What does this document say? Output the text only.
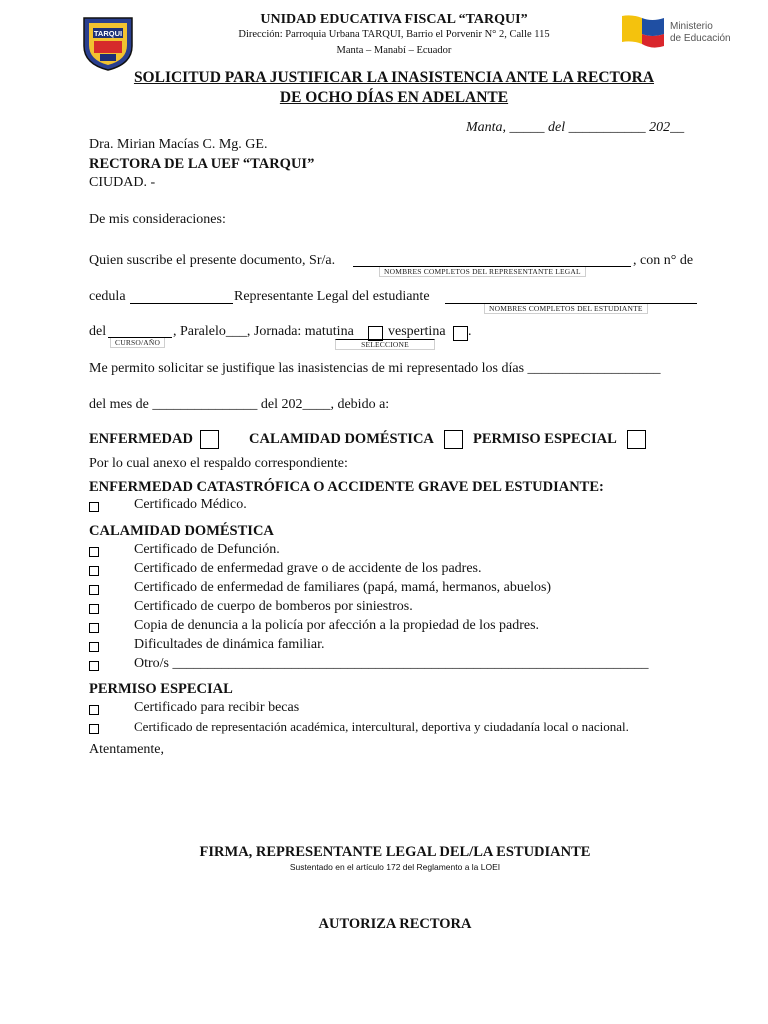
TARQUI
UNIDAD EDUCATIVA FISCAL “TARQUI”
Dirección: Parroquia Urbana TARQUI, Barrio el Porvenir N° 2, Calle 115
Manta – Manabí – Ecuador
Ministerio
de Educación
SOLICITUD PARA JUSTIFICAR LA INASISTENCIA ANTE LA RECTORA
DE OCHO DÍAS EN ADELANTE
Manta, _____ del ___________ 202__
Dra. Mirian Macías C. Mg. GE.
RECTORA DE LA UEF “TARQUI”
CIUDAD. -
De mis consideraciones:
Quien suscribe el presente documento, Sr/a.
NOMBRES COMPLETOS DEL REPRESENTANTE LEGAL
, con n° de
cedula	Representante Legal del estudiante
NOMBRES COMPLETOS DEL ESTUDIANTE
del
CURSO/AÑO
, Paralelo___, Jornada: matutina vespertina .
SELECCIONE
Me permito solicitar se justifique las inasistencias de mi representado los días ___________________
del mes de _______________ del 202____, debido a:
ENFERMEDAD	CALAMIDAD DOMÉSTICA	PERMISO ESPECIAL
Por lo cual anexo el respaldo correspondiente:
ENFERMEDAD CATASTRÓFICA O ACCIDENTE GRAVE DEL ESTUDIANTE:
Certificado Médico.
CALAMIDAD DOMÉSTICA
Certificado de Defunción.
Certificado de enfermedad grave o de accidente de los padres.
Certificado de enfermedad de familiares (papá, mamá, hermanos, abuelos)
Certificado de cuerpo de bomberos por siniestros.
Copia de denuncia a la policía por afección a la propiedad de los padres.
Dificultades de dinámica familiar.
Otro/s ____________________________________________________________________
PERMISO ESPECIAL
Certificado para recibir becas
Certificado de representación académica, intercultural, deportiva y ciudadanía local o nacional.
Atentamente,
FIRMA, REPRESENTANTE LEGAL DEL/LA ESTUDIANTE
Sustentado en el artículo 172 del Reglamento a la LOEI
AUTORIZA RECTORA
